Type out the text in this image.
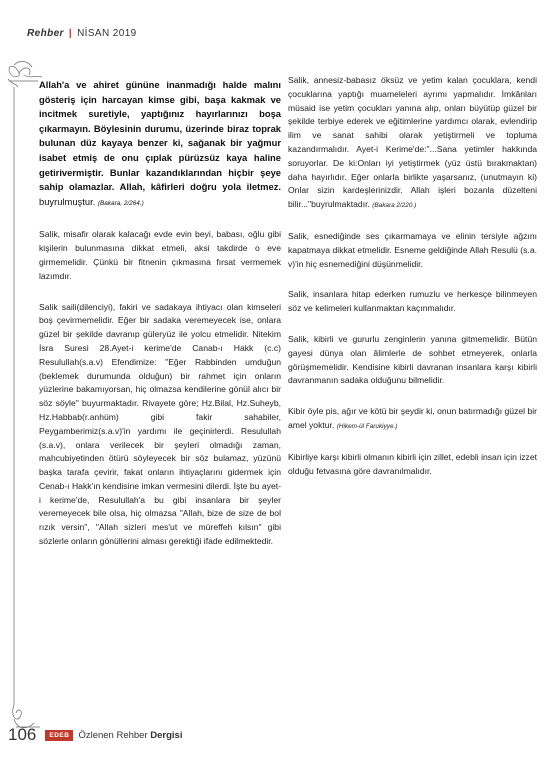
Rehber | NİSAN 2019

Allah'a ve ahiret gününe inanmadığı halde malını gösteriş için harcayan kimse gibi, başa kakmak ve incitmek suretiyle, yaptığınız hayırlarınızı boşa çıkarmayın. Böylesinin durumu, üzerinde biraz toprak bulunan düz kayaya benzer ki, sağanak bir yağmur isabet etmiş de onu çıplak pürüzsüz kaya haline getirivermiştir. Bunlar kazandıklarından hiçbir şeye sahip olamazlar. Allah, kâfirleri doğru yola iletmez. buyrulmuştur. (Bakara, 2/264.)

Salik, misafir olarak kalacağı evde evin beyi, babası, oğlu gibi kişilerin bulunmasına dikkat etmeli, aksi takdirde o eve girmemelidir. Çünkü bir fitnenin çıkmasına fırsat vermemek lazımdır.

Salik saili(dilenciyi), fakiri ve sadakaya ihtiyacı olan kimseleri boş çevirmemelidir. Eğer bir sadaka veremeyecek ise, onlara güzel bir şekilde davranıp güleryüz ile yolcu etmelidir. Nitekim İsra Suresi 28.Ayet-i kerime'de Canab-ı Hakk (c.c) Resulullah(s.a.v) Efendimize: "Eğer Rabbinden umduğun (beklemek durumunda olduğun) bir rahmet için onların yüzlerine bakamıyorsan, hiç olmazsa kendilerine gönül alıcı bir söz söyle" buyurmaktadır. Rivayete göre; Hz.Bilal, Hz.Suheyb, Hz.Habbab(r.anhüm) gibi fakir sahabiler, Peygamberimiz(s.a.v)'in yardımı ile geçinirlerdi. Resulullah (s.a.v), onlara verilecek bir şeyleri olmadığı zaman, mahcubiyetinden ötürü söyleyecek bir söz bulamaz, yüzünü başka tarafa çevirir, fakat onların ihtiyaçlarını gidermek için Cenab-ı Hakk'ın kendisine imkan vermesini dilerdi. İşte bu ayet-i kerime'de, Resulullah'a bu gibi insanlara bir şeyler veremeyecek bile olsa, hiç olmazsa "Allah, bize de size de bol rızık versin", "Allah sizleri mes'ut ve müreffeh kılsın" gibi sözlerle onların gönüllerini alması gerektiği ifade edilmektedir.

Salik, annesiz-babasız öksüz ve yetim kalan çocuklara, kendi çocuklarına yaptığı muameleleri ayrımı yapmalıdır. İmkânları müsaid ise yetim çocukları yanına alıp, onları büyütüp güzel bir şekilde terbiye ederek ve eğitimlerine yardımcı olarak, evlendirip ilim ve sanat sahibi olarak yetiştirmeli ve topluma kazandırmalıdır. Ayet-i Kerime'de:"...Sana yetimler hakkında soruyorlar. De ki:Onları iyi yetiştirmek (yüz üstü bırakmaktan) daha hayırlıdır. Eğer onlarla birlikte yaşarsanız, (unutmayın ki) Onlar sizin kardeşlerinizdir. Allah işleri bozanla düzelteni bilir..."buyrulmaktadır. (Bakara 2/220.)

Salik, esnediğinde ses çıkarmamaya ve elinin tersiyle ağzını kapatmaya dikkat etmelidir. Esneme geldiğinde Allah Resulü (s.a. v)'in hiç esnemediğini düşünmelidir.

Salik, insanlara hitap ederken rumuzlu ve herkesçe bilinmeyen söz ve kelimeleri kullanmaktan kaçınmalıdır.

Salik, kibirli ve gururlu zenginlerin yanına gitmemelidir. Bütün gayesi dünya olan âlimlerle de sohbet etmeyerek, onlarla görüşmemelidir. Kendisine kibirli davranan insanlara karşı kibirli davranmanın sadaka olduğunu bilmelidir.

Kibir öyle pis, ağır ve kötü bir şeydir ki, onun batırmadığı güzel bir amel yoktur. (Hikem-ül Farukiyye.)

Kibirliye karşı kibirli olmanın kibirli için zillet, edebli insan için izzet olduğu fetvasına göre davranılmalıdır.

106	EDEB Özlenen Rehber Dergisi
